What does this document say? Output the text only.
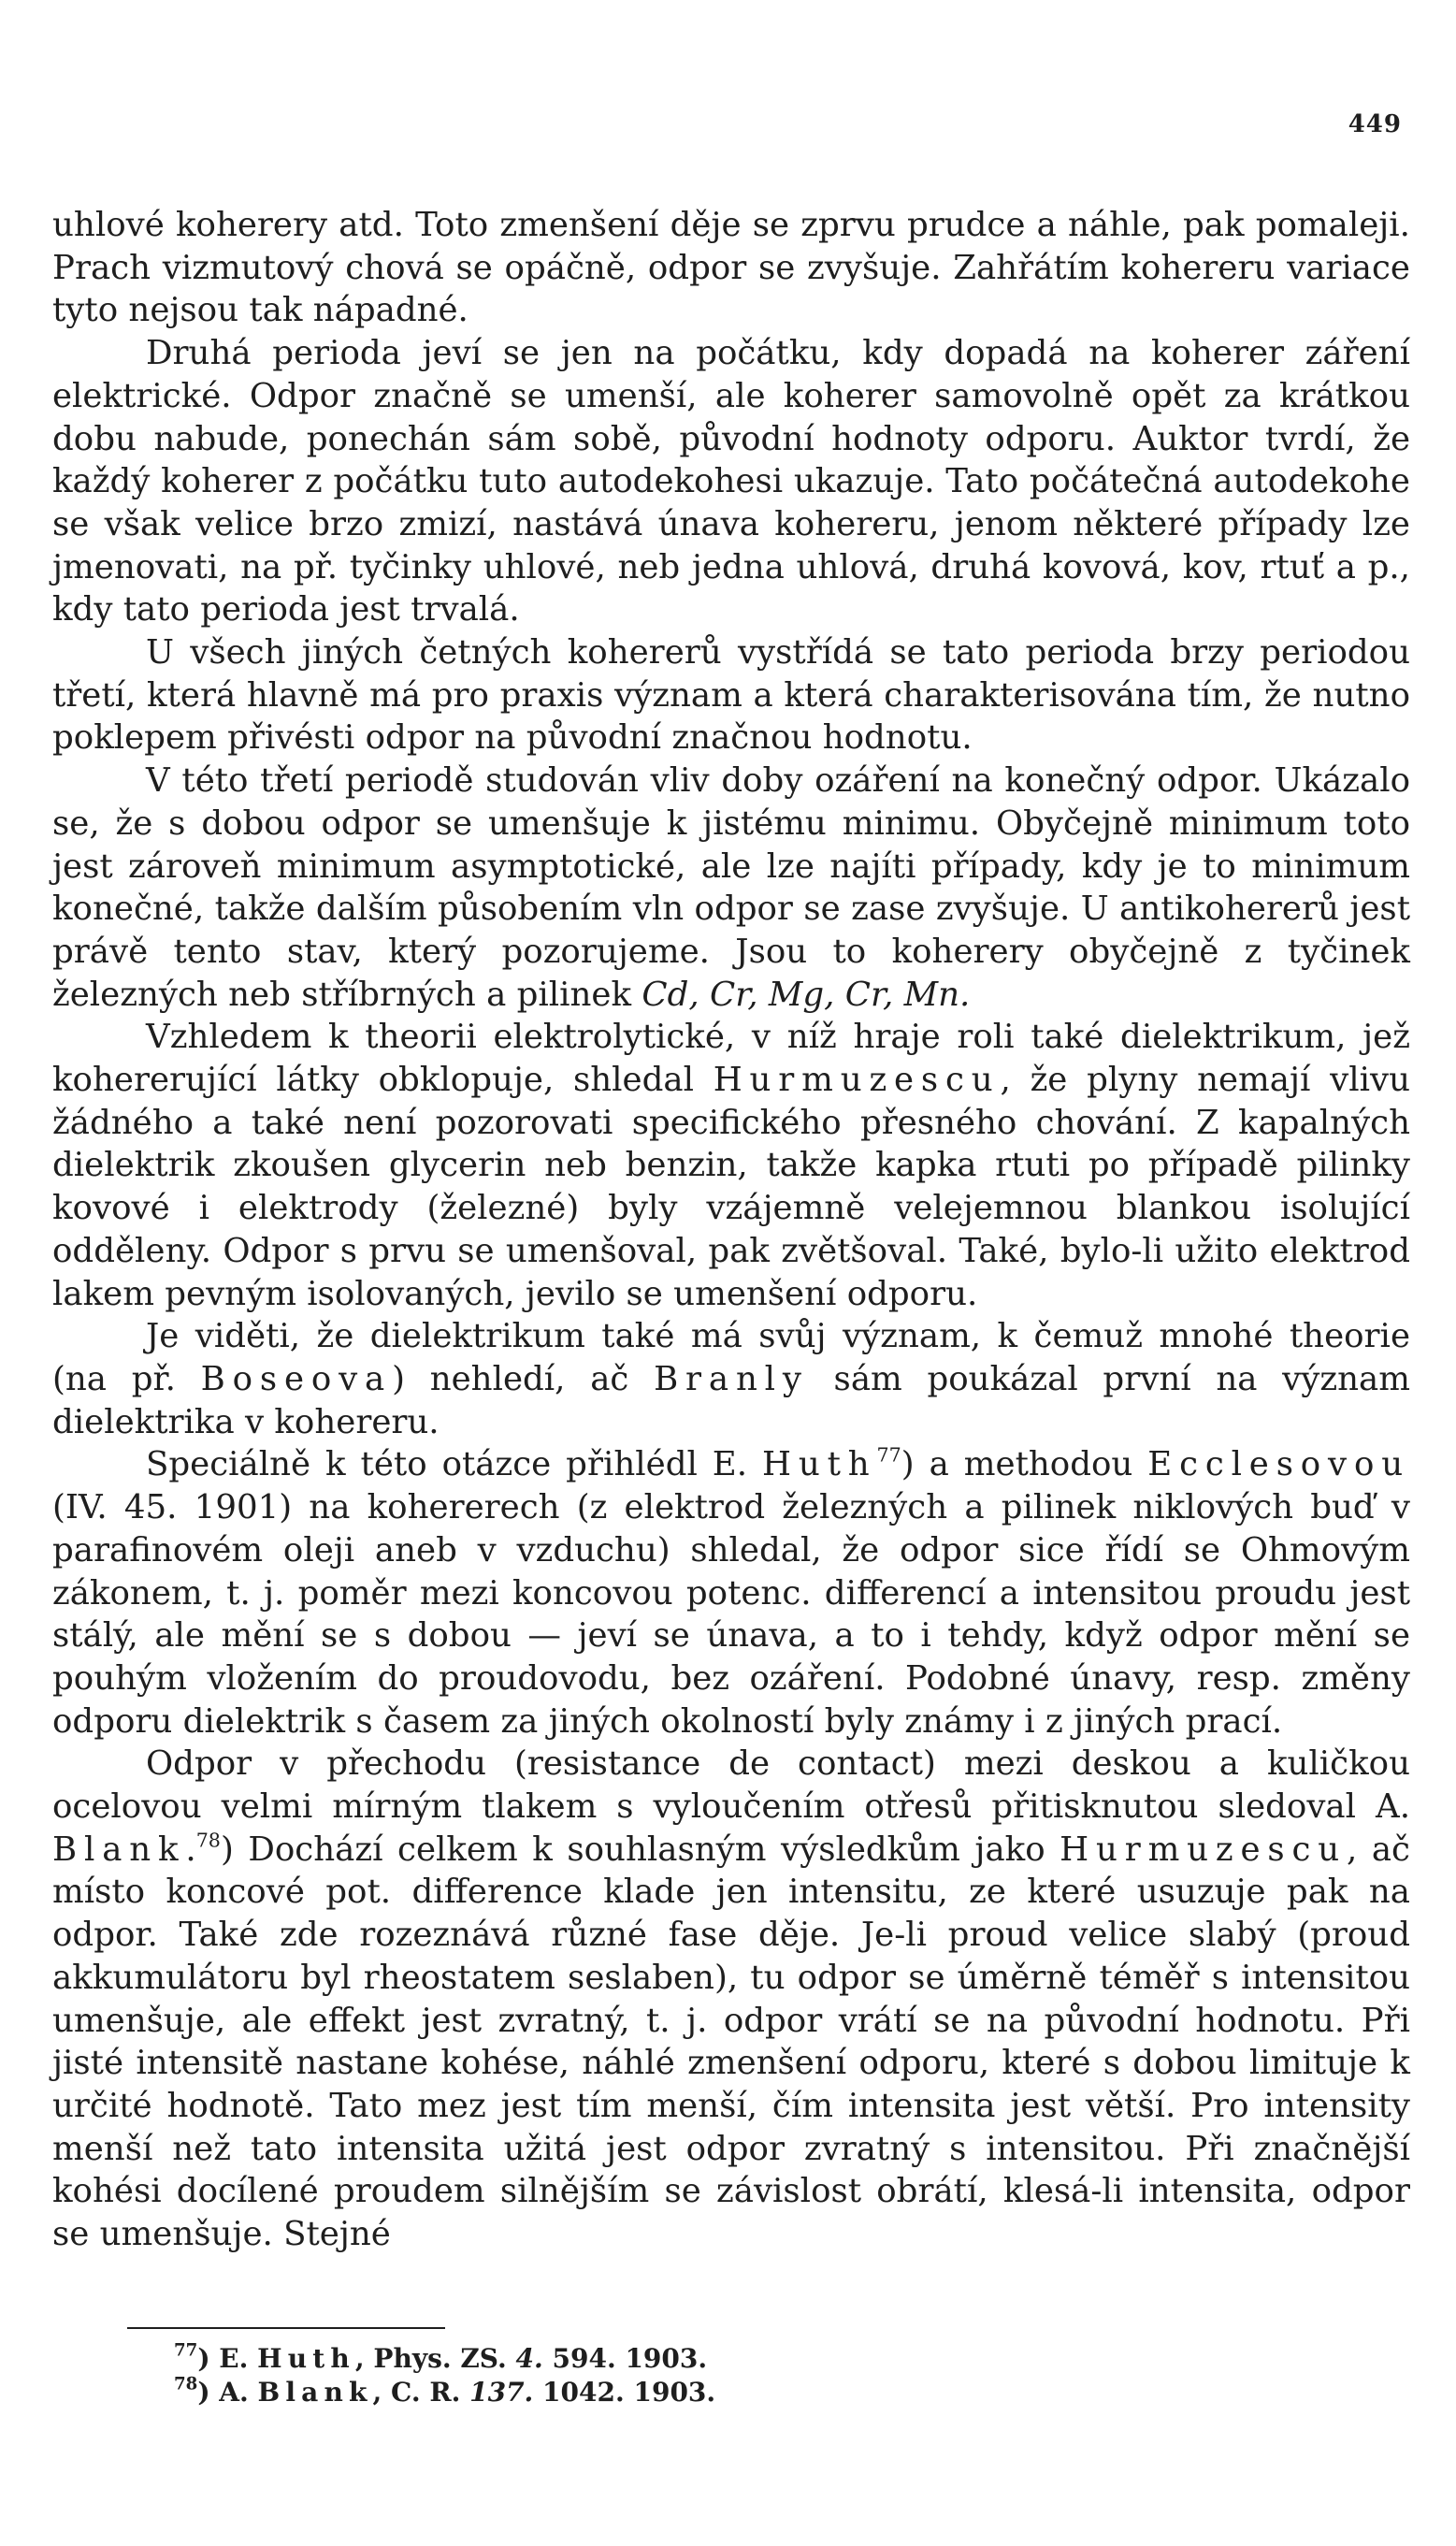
449

uhlové koherery atd. Toto zmenšení děje se zprvu prudce a náhle, pak pomaleji. Prach vizmutový chová se opáčně, odpor se zvyšuje. Zahřátím kohereru variace tyto nejsou tak nápadné.

Druhá perioda jeví se jen na počátku, kdy dopadá na koherer záření elektrické. Odpor značně se umenší, ale koherer samovolně opět za krátkou dobu nabude, ponechán sám sobě, původní hodnoty odporu. Auktor tvrdí, že každý koherer z počátku tuto autodekohesi ukazuje. Tato počátečná autodekohe se však velice brzo zmizí, nastává únava kohereru, jenom některé případy lze jmenovati, na př. tyčinky uhlové, neb jedna uhlová, druhá kovová, kov, rtuť a p., kdy tato perioda jest trvalá.

U všech jiných četných kohererů vystřídá se tato perioda brzy periodou třetí, která hlavně má pro praxis význam a která charakterisována tím, že nutno poklepem přivésti odpor na původní značnou hodnotu.

V této třetí periodě studován vliv doby ozáření na konečný odpor. Ukázalo se, že s dobou odpor se umenšuje k jistému minimu. Obyčejně minimum toto jest zároveň minimum asymptotické, ale lze najíti případy, kdy je to minimum konečné, takže dalším působením vln odpor se zase zvyšuje. U antikohererů jest právě tento stav, který pozorujeme. Jsou to koherery obyčejně z tyčinek železných neb stříbrných a pilinek Cd, Cr, Mg, Cr, Mn.

Vzhledem k theorii elektrolytické, v níž hraje roli také dielektrikum, jež kohererující látky obklopuje, shledal Hurmuzescu, že plyny nemají vlivu žádného a také není pozorovati specifického přesného chování. Z kapalných dielektrik zkoušen glycerin neb benzin, takže kapka rtuti po případě pilinky kovové i elektrody (železné) byly vzájemně velejemnou blankou isolující odděleny. Odpor s prvu se umenšoval, pak zvětšoval. Také, bylo-li užito elektrod lakem pevným isolovaných, jevilo se umenšení odporu.

Je viděti, že dielektrikum také má svůj význam, k čemuž mnohé theorie (na př. Boseova) nehledí, ač Branly sám poukázal první na význam dielektrika v kohereru.

Speciálně k této otázce přihlédl E. Huth$^{77}$) a methodou Ecclesovou (IV. 45. 1901) na kohererech (z elektrod železných a pilinek niklových buď v parafinovém oleji aneb v vzduchu) shledal, že odpor sice řídí se Ohmovým zákonem, t. j. poměr mezi koncovou potenc. differencí a intensitou proudu jest stálý, ale mění se s dobou — jeví se únava, a to i tehdy, když odpor mění se pouhým vložením do proudovodu, bez ozáření. Podobné únavy, resp. změny odporu dielektrik s časem za jiných okolností byly známy i z jiných prací.

Odpor v přechodu (resistance de contact) mezi deskou a kuličkou ocelovou velmi mírným tlakem s vyloučením otřesů přitisknutou sledoval A. Blank.$^{78}$) Dochází celkem k souhlasným výsledkům jako Hurmuzescu, ač místo koncové pot. difference klade jen intensitu, ze které usuzuje pak na odpor. Také zde rozeznává různé fase děje. Je-li proud velice slabý (proud akkumulátoru byl rheostatem seslaben), tu odpor se úměrně téměř s intensitou umenšuje, ale effekt jest zvratný, t. j. odpor vrátí se na původní hodnotu. Při jisté intensitě nastane kohése, náhlé zmenšení odporu, které s dobou limituje k určité hodnotě. Tato mez jest tím menší, čím intensita jest větší. Pro intensity menší než tato intensita užitá jest odpor zvratný s intensitou. Při značnější kohési docílené proudem silnějším se závislost obrátí, klesá-li intensita, odpor se umenšuje. Stejné

$^{77}$) E. Huth, Phys. ZS. 4. 594. 1903.
$^{78}$) A. Blank, C. R. 137. 1042. 1903.
